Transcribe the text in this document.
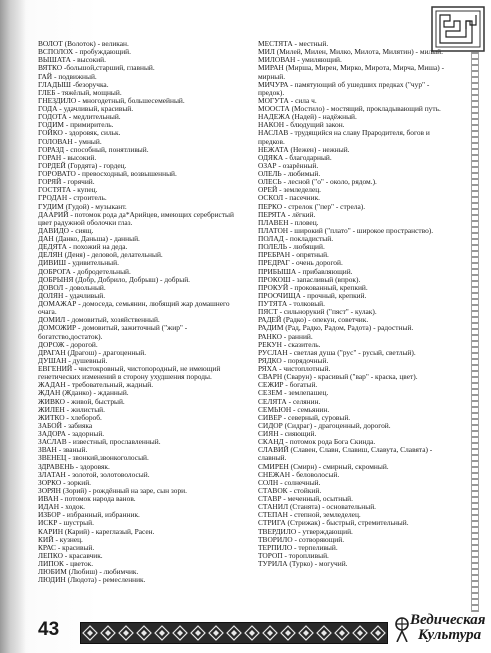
ВОЛОТ (Волоток) - великан.
ВСПОЛОХ - пробуждающий.
ВЫШАТА - высокий.
ВЯТКО -большой,старший, главный.
ГАЙ - подвижный.
ГЛАДЫШ -безоручка.
ГЛЕБ - тяжёлый, мощный.
ГНЕЗДИЛО - многодетный, большесемейный.
ГОДА - удачливый, красивый.
ГОДОТА - медлительный.
ГОДИМ - примиритель.
ГОЙКО - здоровяк, сильк.
ГОЛОВАН - умный.
ГОРАЗД - способный, понятливый.
ГОРАН - высокий.
ГОРДЕЙ (Гордята) - гордец.
ГОРОВАТО - превосходный, возвышенный.
ГОРЯЙ - горячий.
ГОСТЯТА - купец.
ГРОДАН - строитель.
ГУДИМ (Гудой) - музыкант.
ДААРИЙ - потомок рода да*Арийцев, имеющих серебристый цвет радужной оболочки глаз.
ДАВИДО - сиящ.
ДАН (Данко, Даньша) - данный.
ДЕДЯТА - похожий на деда.
ДЕЛЯН (Деня) - деловой, делательный.
ДИВИШ - удивительный.
ДОБРОГА - добродетельный.
ДОБРЫНЯ (Добр, Добрило, Добрыш) - добрый.
ДОВОЛ - довольный.
ДОЛЯН - удачливый.
ДОМАЖАР - домоседа, семьянин, любящий жар домашнего очага.
ДОМИЛ - домовитый, хозяйственный.
ДОМОЖИР - домовитый, зажиточный ("жир" - богатство,достаток).
ДОРОЖ - дорогой.
ДРАГАН (Драгош) - драгоценный.
ДУШАН - душевный.
ЕВГЕНИЙ - чистокровный, чистопородный, не имеющий генетических изменений в сторону ухудшения породы.
ЖАДАН - требовательный, жадный.
ЖДАН (Жданко) - жданный.
ЖИВКО - живой, быстрый.
ЖИЛЕН - жилистый.
ЖИТКО - хлебороб.
ЗАБОЙ - забияка
ЗАДОРА - задорный.
ЗАСЛАВ - известный, прославленный.
ЗВАН - званый.
ЗВЕНЕЦ - звонкий,звонкоголосый.
ЗДРАВЕНЬ - здоровяк.
ЗЛАТАН - золотой, золотоволосый.
ЗОРКО - зоркий.
ЗОРЯН (Зорий) - рождённый на заре, сын зори.
ИВАН - потомок народа ванов.
ИДАН - ходок.
ИЗБОР - избранный, избранник.
ИСКР - шустрый.
КАРИН (Карий) - кареглазый, Расен.
КИЙ - кузнец.
КРАС - красивый.
ЛЕПКО - красавчик.
ЛИПОК - цветок.
ЛЮБИМ (Любиш) - любимчик.
ЛЮДИН (Людота) - ремесленник.
МЕСТЯТА - местный.
МИЛ (Милей, Милен, Милко, Милота, Милятин) - милый.
МИЛОВАН - умиляющий.
МИРАН (Мирша, Мирен, Мирко, Мирота, Мирча, Миша) - мирный.
МИЧУРА - памятующий об ушедших предках ("чур" - предок).
МОГУТА - сила ч.
МООСТА (Мостило) - мостящий, прокладывающий путь.
НАДЕЖА (Надей) - надёжный.
НАКОН - блюдущий закон.
НАСЛАВ - трудящийся на славу Прародителя, богов и предков.
НЕЖАТА (Нежен) - нежный.
ОДЯКА - благодарный.
ОЗАР - озарённый.
ОЛЕЛЬ - любимый.
ОЛЕСЬ - лесной ("о" - около, рядом.).
ОРЕЙ - земледелец.
ОСКОЛ - пасечник.
ПЕРКО - стрелок ("пер" - стрела).
ПЕРЯТА - лёгкий.
ПЛАВЕН - пловец.
ПЛАТОН - широкий ("плато" - широкое пространство).
ПОЛАД - покладистый.
ПОЛЕЛЬ - любящий.
ПРЕБРАН - опрятный.
ПРЕДРАГ - очень дорогой.
ПРИБЫША - прибавляющий.
ПРОКОШ - запасливый (впрок).
ПРОКУЙ - прокованный, крепкий.
ПРООЧИЩА - прочный, крепкий.
ПУТЯТА - толковый.
ПЯСТ - сильнорукий ("пяст" - кулак).
РАДЕЙ (Радко) - опекун, советчик.
РАДИМ (Рад, Радко, Радом, Радота) - радостный.
РАНКО - ранний.
РЕКУН - сказитель.
РУСЛАН - светлая душа ("рус" - русый, светлый).
РЯДКО - порядочный.
РЯХА - чистоплотный.
СВАРН (Сварун) - красивый ("вар" - краска, цвет).
СЕЖИР - богатый.
СЕЗЕМ - землепашец.
СЕЛЯТА - селянин.
СЕМЬЮН - семьянин.
СИВЕР - северный, суровый.
СИДОР (Сидраг) - драгоценный, дорогой.
СИЯН - сияющий.
СКАНД - потомок рода Бога Скинда.
СЛАВИЙ (Славен, Славн, Славиш, Славута, Славята) - славный.
СМИРЕН (Смирн) - смирный, скромный.
СНЕЖАН - беловолосый.
СОЛН - солнечный.
СТАВОК - стойкий.
СТАВР - меченный, осытный.
СТАНИЛ (Станята) - основательный.
СТЕПАН - степной, земледелец.
СТРИГА (Стрижак) - быстрый, стремительный.
ТВЕРДИЛО - утверждающий.
ТВОРИЛО - сотворяющий.
ТЕРПИЛО - терпеливый.
ТОРОП - торопливый.
ТУРИЛА (Турко) - могучий.
43	Ведическая
Культура
